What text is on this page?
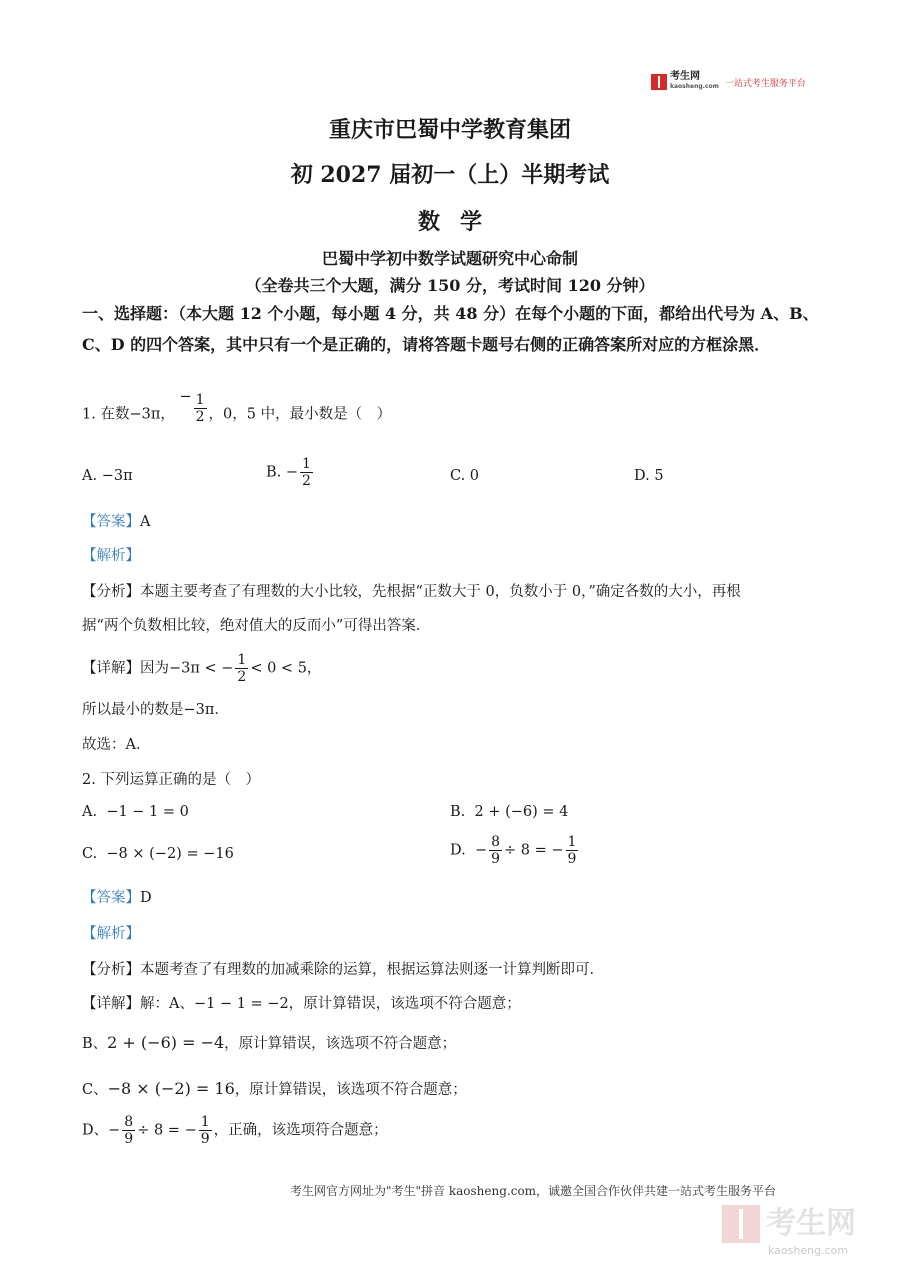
考生网
kaosheng.com 一站式考生服务平台
重庆市巴蜀中学教育集团
初 2027 届初一（上）半期考试
数学
巴蜀中学初中数学试题研究中心命制
（全卷共三个大题，满分 150 分，考试时间 120 分钟）
一、选择题：（本大题 12 个小题，每小题 4 分，共 48 分）在每个小题的下面，都给出代号为 A、B、C、D 的四个答案，其中只有一个是正确的，请将答题卡题号右侧的正确答案所对应的方框涂黑．
1. 在数−3π， − $\frac{1}{2}$ ，0，5 中，最小数是（　）
A. −3π	B. − $\frac{1}{2}$	C. 0	D. 5
【答案】A
【解析】
【分析】本题主要考查了有理数的大小比较，先根据“正数大于 0，负数小于 0，”确定各数的大小，再根
据“两个负数相比较，绝对值大的反而小”可得出答案．
【详解】因为−3π < − $\frac{1}{2} < 0 < 5$，
所以最小的数是−3π．
故选：A．
2. 下列运算正确的是（　）
A. −1 − 1 = 0	B. 2 + (−6) = 4
C. −8 × (−2) = −16	D. − $\frac{8}{9} \div 8$ = − $\frac{1}{9}$
【答案】D
【解析】
【分析】本题考查了有理数的加减乘除的运算，根据运算法则逐一计算判断即可．
【详解】解：A、−1 − 1 = −2，原计算错误，该选项不符合题意；
B、2 + (−6) = −4，原计算错误，该选项不符合题意；
C、−8 × (−2) = 16，原计算错误，该选项不符合题意；
D、− $\frac{8}{9} \div 8$ = − $\frac{1}{9}$ ，正确，该选项符合题意；
考生网官方网址为"考生"拼音 kaosheng.com，诚邀全国合作伙伴共建一站式考生服务平台
考生网
kaosheng.com
